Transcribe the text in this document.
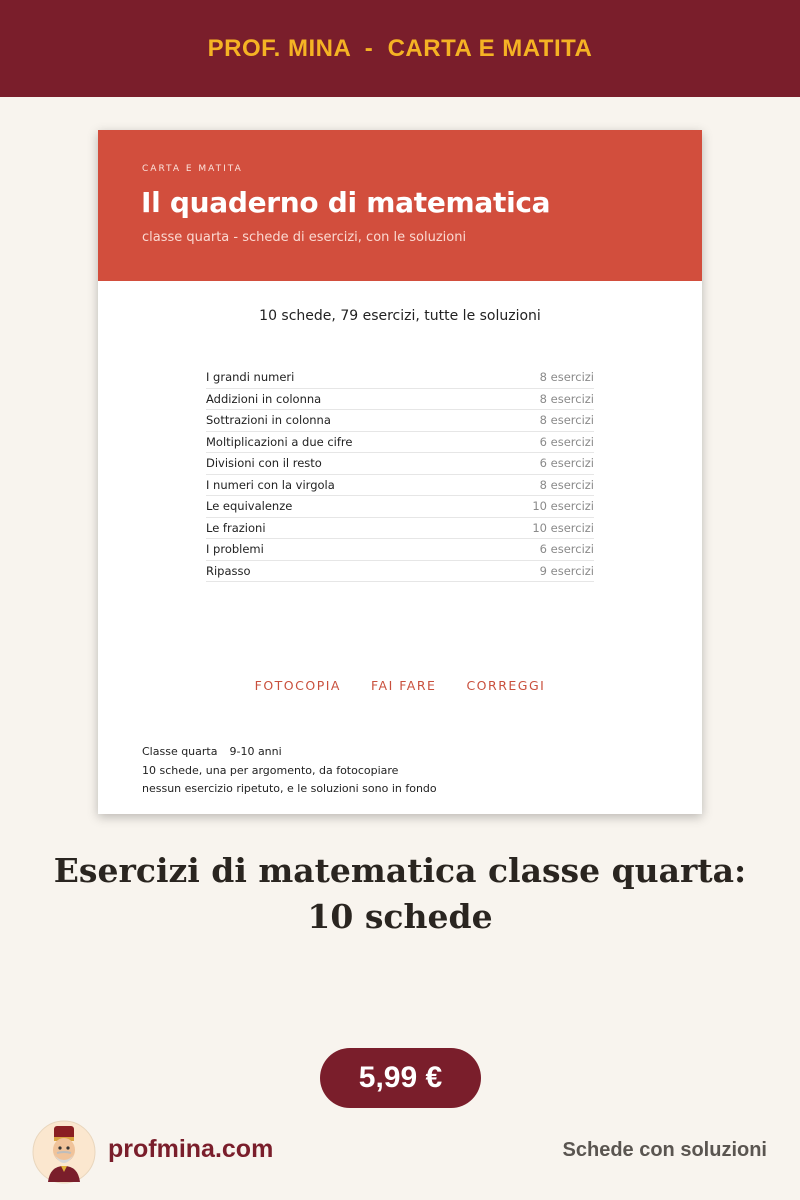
PROF. MINA  -  CARTA E MATITA
CARTA E MATITA
Il quaderno di matematica
classe quarta - schede di esercizi, con le soluzioni
10 schede, 79 esercizi, tutte le soluzioni
I grandi numeri	8 esercizi
Addizioni in colonna	8 esercizi
Sottrazioni in colonna	8 esercizi
Moltiplicazioni a due cifre	6 esercizi
Divisioni con il resto	6 esercizi
I numeri con la virgola	8 esercizi
Le equivalenze	10 esercizi
Le frazioni	10 esercizi
I problemi	6 esercizi
Ripasso	9 esercizi
FOTOCOPIA FAI FARE CORREGGI
Classe quarta 9-10 anni
10 schede, una per argomento, da fotocopiare
nessun esercizio ripetuto, e le soluzioni sono in fondo
Esercizi di matematica classe quarta:
10 schede
5,99 €
profmina.com	Schede con soluzioni
